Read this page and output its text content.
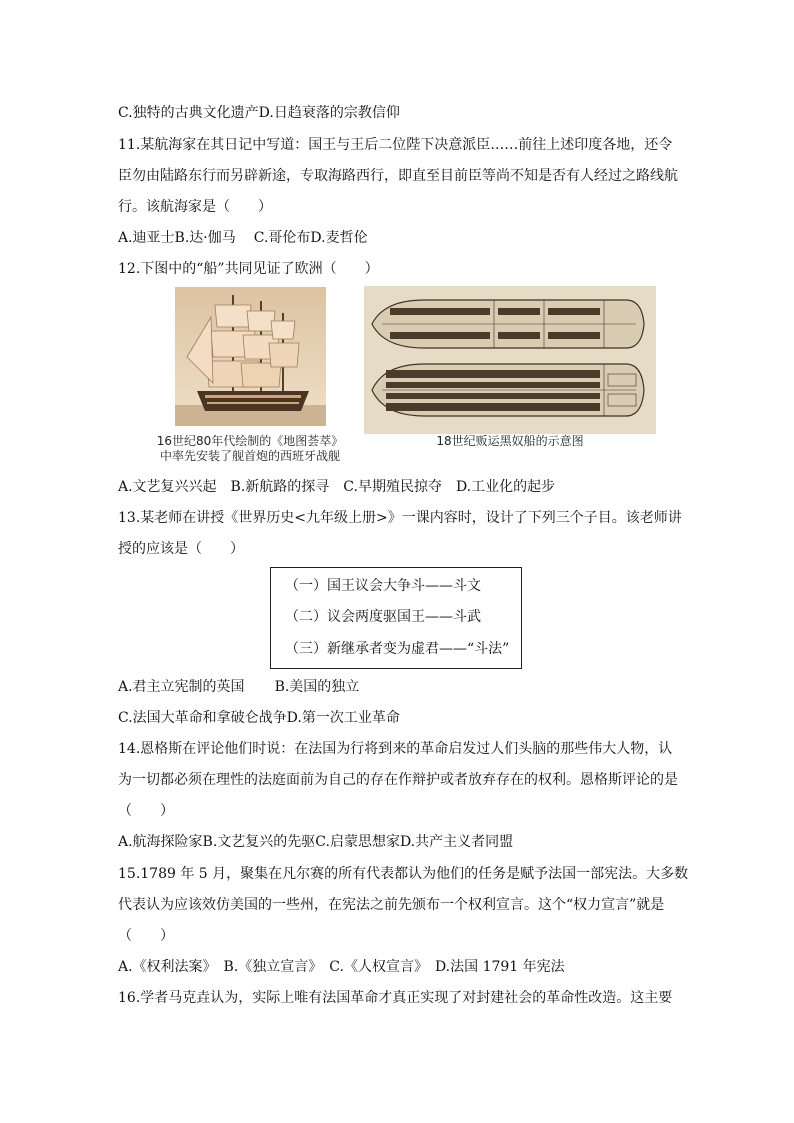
C.独特的古典文化遗产D.日趋衰落的宗教信仰
11.某航海家在其日记中写道：国王与王后二位陛下决意派臣……前往上述印度各地，还令
臣勿由陆路东行而另辟新途，专取海路西行，即直至目前臣等尚不知是否有人经过之路线航
行。该航海家是（　　）
A.迪亚士B.达·伽马 C.哥伦布D.麦哲伦
12.下图中的“船”共同见证了欧洲（　　）
16世纪80年代绘制的《地图荟萃》
中率先安装了舰首炮的西班牙战舰
18世纪贩运黑奴船的示意图
A.文艺复兴兴起　B.新航路的探寻　C.早期殖民掠夺　D.工业化的起步
13.某老师在讲授《世界历史<九年级上册>》一课内容时，设计了下列三个子目。该老师讲
授的应该是（　　）
（一）国王议会大争斗——斗文
（二）议会两度驱国王——斗武
（三）新继承者变为虚君——“斗法”
A.君主立宪制的英国 B.美国的独立
C.法国大革命和拿破仑战争D.第一次工业革命
14.恩格斯在评论他们时说：在法国为行将到来的革命启发过人们头脑的那些伟大人物，认
为一切都必须在理性的法庭面前为自己的存在作辩护或者放弃存在的权利。恩格斯评论的是
（　　）
A.航海探险家B.文艺复兴的先驱C.启蒙思想家D.共产主义者同盟
15.1789 年 5 月，聚集在凡尔赛的所有代表都认为他们的任务是赋予法国一部宪法。大多数
代表认为应该效仿美国的一些州，在宪法之前先颁布一个权利宣言。这个“权力宣言”就是
（　　）
A.《权利法案》　B.《独立宣言》　C.《人权宣言》　D.法国 1791 年宪法
16.学者马克垚认为，实际上唯有法国革命才真正实现了对封建社会的革命性改造。这主要
